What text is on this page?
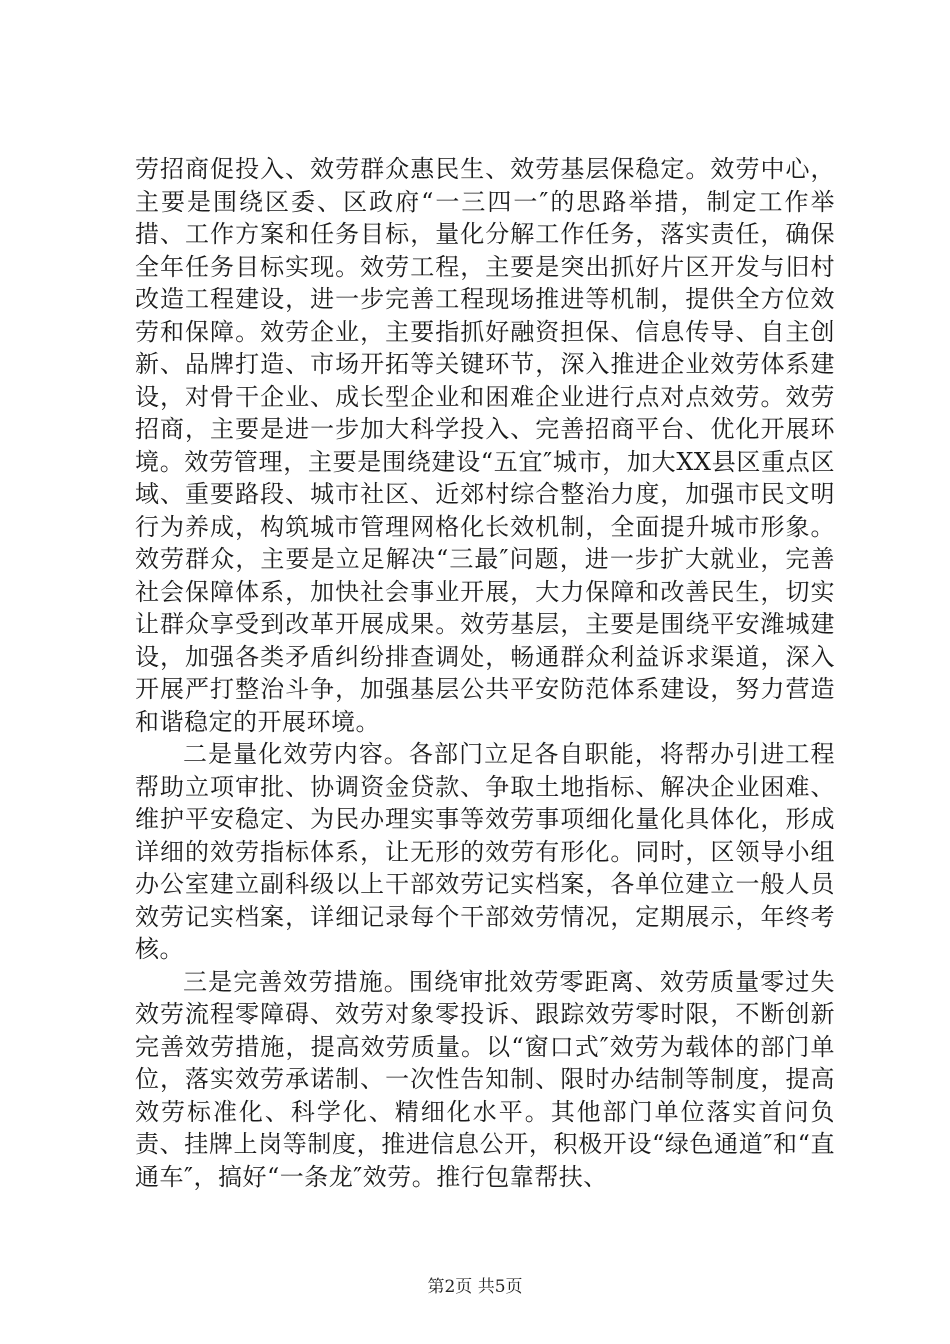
劳招商促投入、效劳群众惠民生、效劳基层保稳定。效劳中心，主要是围绕区委、区政府“一三四一″的思路举措，制定工作举措、工作方案和任务目标，量化分解工作任务，落实责任，确保全年任务目标实现。效劳工程，主要是突出抓好片区开发与旧村改造工程建设，进一步完善工程现场推进等机制，提供全方位效劳和保障。效劳企业，主要指抓好融资担保、信息传导、自主创新、品牌打造、市场开拓等关键环节，深入推进企业效劳体系建设，对骨干企业、成长型企业和困难企业进行点对点效劳。效劳招商，主要是进一步加大科学投入、完善招商平台、优化开展环境。效劳管理，主要是围绕建设“五宜″城市，加大XX县区重点区域、重要路段、城市社区、近郊村综合整治力度，加强市民文明行为养成，构筑城市管理网格化长效机制，全面提升城市形象。效劳群众，主要是立足解决“三最″问题，进一步扩大就业，完善社会保障体系，加快社会事业开展，大力保障和改善民生，切实让群众享受到改革开展成果。效劳基层，主要是围绕平安潍城建设，加强各类矛盾纠纷排查调处，畅通群众利益诉求渠道，深入开展严打整治斗争，加强基层公共平安防范体系建设，努力营造和谐稳定的开展环境。

二是量化效劳内容。各部门立足各自职能，将帮办引进工程帮助立项审批、协调资金贷款、争取土地指标、解决企业困难、维护平安稳定、为民办理实事等效劳事项细化量化具体化，形成详细的效劳指标体系，让无形的效劳有形化。同时，区领导小组办公室建立副科级以上干部效劳记实档案，各单位建立一般人员效劳记实档案，详细记录每个干部效劳情况，定期展示，年终考核。

三是完善效劳措施。围绕审批效劳零距离、效劳质量零过失效劳流程零障碍、效劳对象零投诉、跟踪效劳零时限，不断创新完善效劳措施，提高效劳质量。以“窗口式″效劳为载体的部门单位，落实效劳承诺制、一次性告知制、限时办结制等制度，提高效劳标准化、科学化、精细化水平。其他部门单位落实首问负责、挂牌上岗等制度，推进信息公开，积极开设“绿色通道″和“直通车″，搞好“一条龙″效劳。推行包靠帮扶、

第2页 共5页
